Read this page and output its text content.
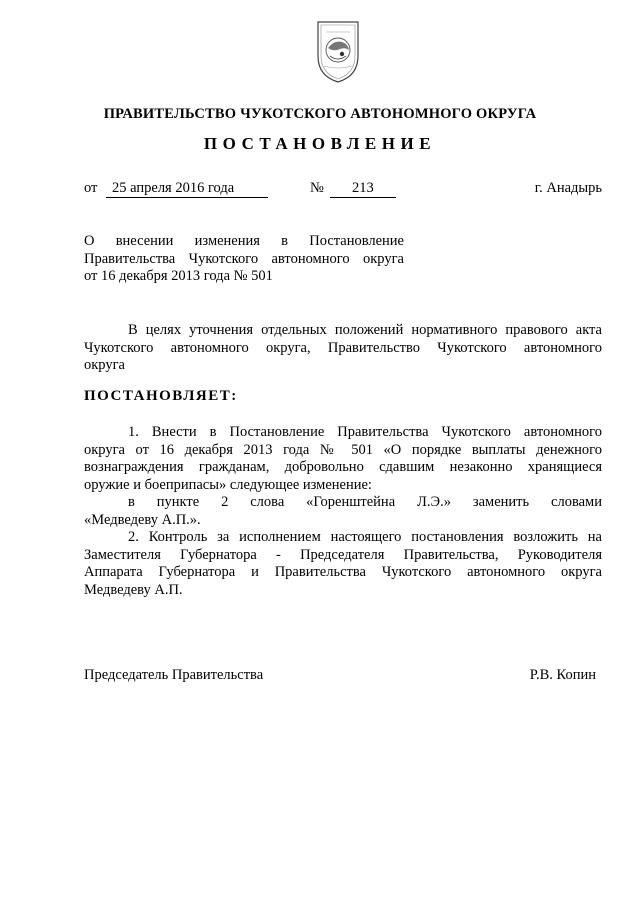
ПРАВИТЕЛЬСТВО ЧУКОТСКОГО АВТОНОМНОГО ОКРУГА
ПОСТАНОВЛЕНИЕ
от 25 апреля 2016 года	№ 213	г. Анадырь
О внесении изменения в Постановление
Правительства Чукотского автономного округа
от 16 декабря 2013 года № 501
В целях уточнения отдельных положений нормативного правового акта
Чукотского автономного округа, Правительство Чукотского автономного
округа
ПОСТАНОВЛЯЕТ:
1. Внести в Постановление Правительства Чукотского автономного
округа от 16 декабря 2013 года № 501 «О порядке выплаты денежного
вознаграждения гражданам, добровольно сдавшим незаконно хранящиеся
оружие и боеприпасы» следующее изменение:
в пункте 2 слова «Горенштейна Л.Э.» заменить словами
«Медведеву А.П.».
2. Контроль за исполнением настоящего постановления возложить на
Заместителя Губернатора - Председателя Правительства, Руководителя
Аппарата Губернатора и Правительства Чукотского автономного округа
Медведеву А.П.
Председатель Правительства	Р.В. Копин
